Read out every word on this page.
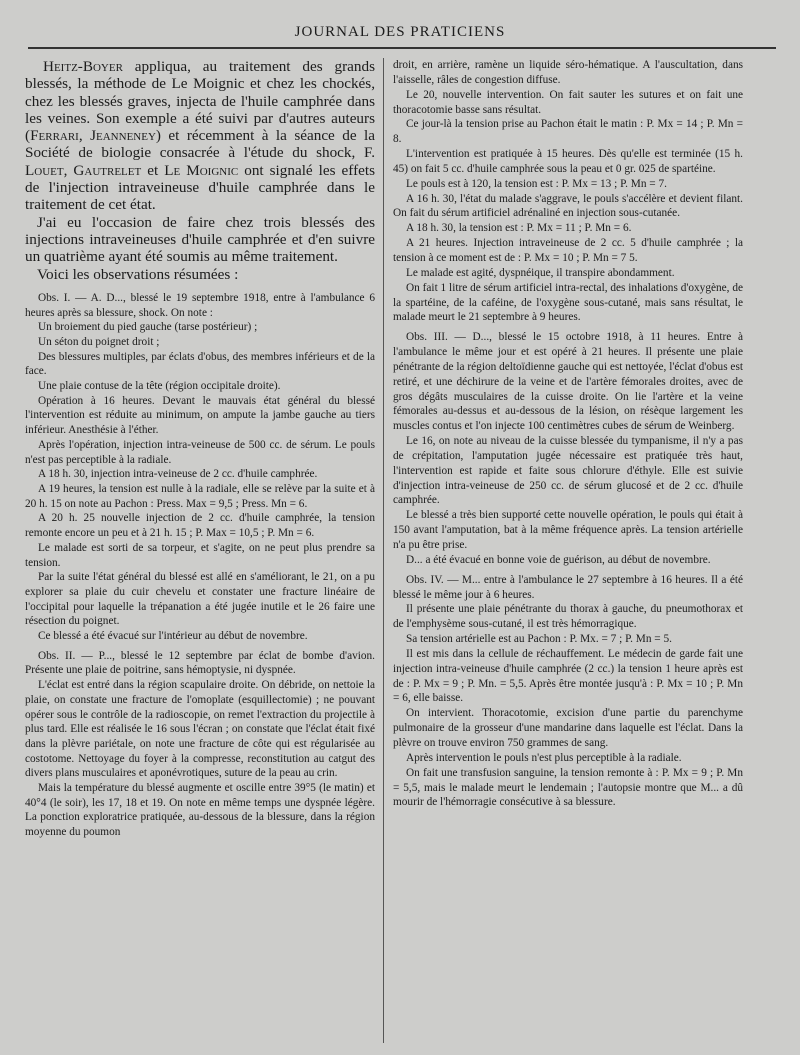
JOURNAL DES PRATICIENS

Heitz-Boyer appliqua, au traitement des grands blessés, la méthode de Le Moignic et chez les chockés, chez les blessés graves, injecta de l'huile camphrée dans les veines. Son exemple a été suivi par d'autres auteurs (Ferrari, Jeanneney) et récemment à la séance de la Société de biologie consacrée à l'étude du shock, F. Louet, Gautrelet et Le Moignic ont signalé les effets de l'injection intraveineuse d'huile camphrée dans le traitement de cet état.

J'ai eu l'occasion de faire chez trois blessés des injections intraveineuses d'huile camphrée et d'en suivre un quatrième ayant été soumis au même traitement.

Voici les observations résumées :

Obs. I. — A. D..., blessé le 19 septembre 1918, entre à l'ambulance 6 heures après sa blessure, shock. On note :

Un broiement du pied gauche (tarse postérieur) ;

Un séton du poignet droit ;

Des blessures multiples, par éclats d'obus, des membres inférieurs et de la face.

Une plaie contuse de la tête (région occipitale droite).

Opération à 16 heures. Devant le mauvais état général du blessé l'intervention est réduite au minimum, on ampute la jambe gauche au tiers inférieur. Anesthésie à l'éther.

Après l'opération, injection intra-veineuse de 500 cc. de sérum. Le pouls n'est pas perceptible à la radiale.

A 18 h. 30, injection intra-veineuse de 2 cc. d'huile camphrée.

A 19 heures, la tension est nulle à la radiale, elle se relève par la suite et à 20 h. 15 on note au Pachon : Press. Max = 9,5 ; Press. Mn = 6.

A 20 h. 25 nouvelle injection de 2 cc. d'huile camphrée, la tension remonte encore un peu et à 21 h. 15 ; P. Max = 10,5 ; P. Mn = 6.

Le malade est sorti de sa torpeur, et s'agite, on ne peut plus prendre sa tension.

Par la suite l'état général du blessé est allé en s'améliorant, le 21, on a pu explorer sa plaie du cuir chevelu et constater une fracture linéaire de l'occipital pour laquelle la trépanation a été jugée inutile et le 26 faire une résection du poignet.

Ce blessé a été évacué sur l'intérieur au début de novembre.

Obs. II. — P..., blessé le 12 septembre par éclat de bombe d'avion. Présente une plaie de poitrine, sans hémoptysie, ni dyspnée.

L'éclat est entré dans la région scapulaire droite. On débride, on nettoie la plaie, on constate une fracture de l'omoplate (esquillectomie) ; ne pouvant opérer sous le contrôle de la radioscopie, on remet l'extraction du projectile à plus tard. Elle est réalisée le 16 sous l'écran ; on constate que l'éclat était fixé dans la plèvre pariétale, on note une fracture de côte qui est régularisée au costotome. Nettoyage du foyer à la compresse, reconstitution au catgut des divers plans musculaires et aponévrotiques, suture de la peau au crin.

Mais la température du blessé augmente et oscille entre 39°5 (le matin) et 40°4 (le soir), les 17, 18 et 19. On note en même temps une dyspnée légère. La ponction exploratrice pratiquée, au-dessous de la blessure, dans la région moyenne du poumon

droit, en arrière, ramène un liquide séro-hématique. A l'auscultation, dans l'aisselle, râles de congestion diffuse.

Le 20, nouvelle intervention. On fait sauter les sutures et on fait une thoracotomie basse sans résultat.

Ce jour-là la tension prise au Pachon était le matin : P. Mx = 14 ; P. Mn = 8.

L'intervention est pratiquée à 15 heures. Dès qu'elle est terminée (15 h. 45) on fait 5 cc. d'huile camphrée sous la peau et 0 gr. 025 de spartéine.

Le pouls est à 120, la tension est : P. Mx = 13 ; P. Mn = 7.

A 16 h. 30, l'état du malade s'aggrave, le pouls s'accélère et devient filant. On fait du sérum artificiel adrénaliné en injection sous-cutanée.

A 18 h. 30, la tension est : P. Mx = 11 ; P. Mn = 6.

A 21 heures. Injection intraveineuse de 2 cc. 5 d'huile camphrée ; la tension à ce moment est de : P. Mx = 10 ; P. Mn = 7 5.

Le malade est agité, dyspnéique, il transpire abondamment.

On fait 1 litre de sérum artificiel intra-rectal, des inhalations d'oxygène, de la spartéine, de la caféine, de l'oxygène sous-cutané, mais sans résultat, le malade meurt le 21 septembre à 9 heures.

Obs. III. — D..., blessé le 15 octobre 1918, à 11 heures. Entre à l'ambulance le même jour et est opéré à 21 heures. Il présente une plaie pénétrante de la région deltoïdienne gauche qui est nettoyée, l'éclat d'obus est retiré, et une déchirure de la veine et de l'artère fémorales droites, avec de gros dégâts musculaires de la cuisse droite. On lie l'artère et la veine fémorales au-dessus et au-dessous de la lésion, on résèque largement les muscles contus et l'on injecte 100 centimètres cubes de sérum de Weinberg.

Le 16, on note au niveau de la cuisse blessée du tympanisme, il n'y a pas de crépitation, l'amputation jugée nécessaire est pratiquée très haut, l'intervention est rapide et faite sous chlorure d'éthyle. Elle est suivie d'injection intra-veineuse de 250 cc. de sérum glucosé et de 2 cc. d'huile camphrée.

Le blessé a très bien supporté cette nouvelle opération, le pouls qui était à 150 avant l'amputation, bat à la même fréquence après. La tension artérielle n'a pu être prise.

D... a été évacué en bonne voie de guérison, au début de novembre.

Obs. IV. — M... entre à l'ambulance le 27 septembre à 16 heures. Il a été blessé le même jour à 6 heures.

Il présente une plaie pénétrante du thorax à gauche, du pneumothorax et de l'emphysème sous-cutané, il est très hémorragique.

Sa tension artérielle est au Pachon : P. Mx. = 7 ; P. Mn = 5.

Il est mis dans la cellule de réchauffement. Le médecin de garde fait une injection intra-veineuse d'huile camphrée (2 cc.) la tension 1 heure après est de : P. Mx = 9 ; P. Mn. = 5,5. Après être montée jusqu'à : P. Mx = 10 ; P. Mn = 6, elle baisse.

On intervient. Thoracotomie, excision d'une partie du parenchyme pulmonaire de la grosseur d'une mandarine dans laquelle est l'éclat. Dans la plèvre on trouve environ 750 grammes de sang.

Après intervention le pouls n'est plus perceptible à la radiale.

On fait une transfusion sanguine, la tension remonte à : P. Mx = 9 ; P. Mn = 5,5, mais le malade meurt le lendemain ; l'autopsie montre que M... a dû mourir de l'hémorragie consécutive à sa blessure.
